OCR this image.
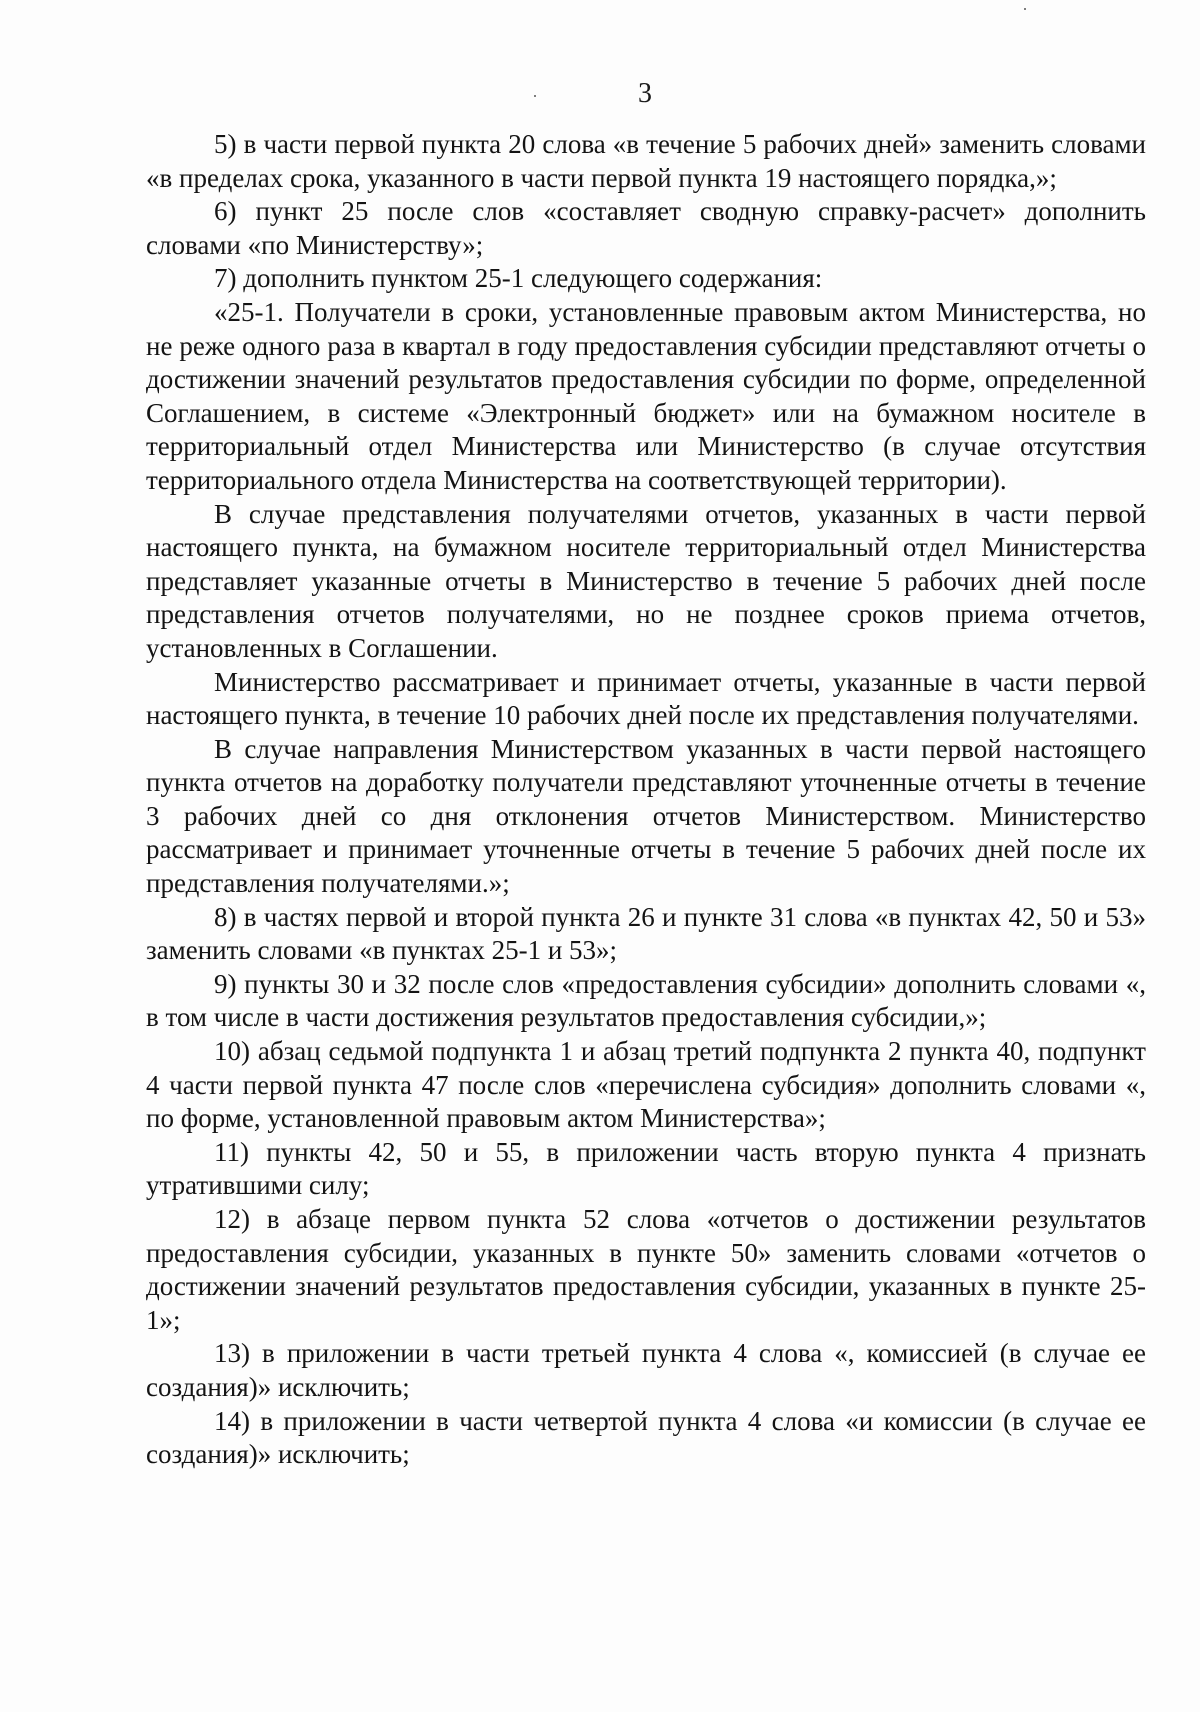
3

5) в части первой пункта 20 слова «в течение 5 рабочих дней» заменить словами «в пределах срока, указанного в части первой пункта 19 настоящего порядка,»;

6) пункт 25 после слов «составляет сводную справку-расчет» дополнить словами «по Министерству»;

7) дополнить пунктом 25-1 следующего содержания:

«25-1. Получатели в сроки, установленные правовым актом Министерства, но не реже одного раза в квартал в году предоставления субсидии представляют отчеты о достижении значений результатов предоставления субсидии по форме, определенной Соглашением, в системе «Электронный бюджет» или на бумажном носителе в территориальный отдел Министерства или Министерство (в случае отсутствия территориального отдела Министерства на соответствующей территории).

В случае представления получателями отчетов, указанных в части первой настоящего пункта, на бумажном носителе территориальный отдел Министерства представляет указанные отчеты в Министерство в течение 5 рабочих дней после представления отчетов получателями, но не позднее сроков приема отчетов, установленных в Соглашении.

Министерство рассматривает и принимает отчеты, указанные в части первой настоящего пункта, в течение 10 рабочих дней после их представления получателями.

В случае направления Министерством указанных в части первой настоящего пункта отчетов на доработку получатели представляют уточненные отчеты в течение 3 рабочих дней со дня отклонения отчетов Министерством. Министерство рассматривает и принимает уточненные отчеты в течение 5 рабочих дней после их представления получателями.»;

8) в частях первой и второй пункта 26 и пункте 31 слова «в пунктах 42, 50 и 53» заменить словами «в пунктах 25-1 и 53»;

9) пункты 30 и 32 после слов «предоставления субсидии» дополнить словами «, в том числе в части достижения результатов предоставления субсидии,»;

10) абзац седьмой подпункта 1 и абзац третий подпункта 2 пункта 40, подпункт 4 части первой пункта 47 после слов «перечислена субсидия» дополнить словами «, по форме, установленной правовым актом Министерства»;

11) пункты 42, 50 и 55, в приложении часть вторую пункта 4 признать утратившими силу;

12) в абзаце первом пункта 52 слова «отчетов о достижении результатов предоставления субсидии, указанных в пункте 50» заменить словами «отчетов о достижении значений результатов предоставления субсидии, указанных в пункте 25-1»;

13) в приложении в части третьей пункта 4 слова «, комиссией (в случае ее создания)» исключить;

14) в приложении в части четвертой пункта 4 слова «и комиссии (в случае ее создания)» исключить;
